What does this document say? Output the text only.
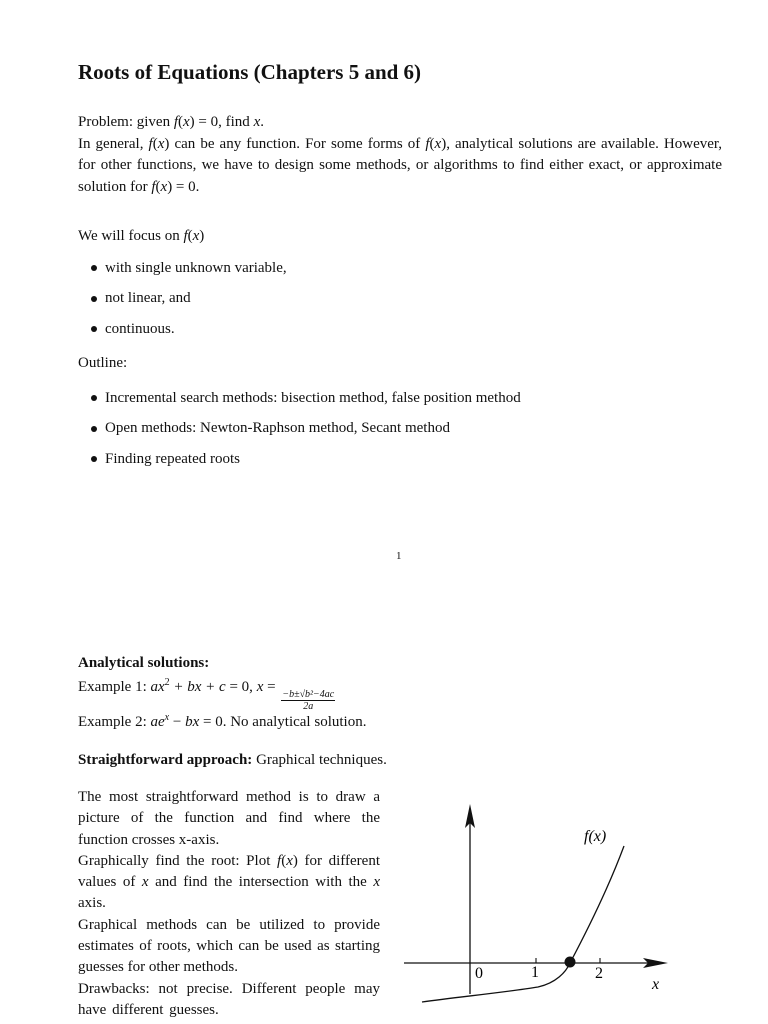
Roots of Equations (Chapters 5 and 6)

Problem: given f(x) = 0, find x.

In general, f(x) can be any function. For some forms of f(x), analytical solutions are available. However, for other functions, we have to design some methods, or algorithms to find either exact, or approximate solution for f(x) = 0.

We will focus on f(x)

with single unknown variable,
not linear, and
continuous.

Outline:

Incremental search methods: bisection method, false position method
Open methods: Newton-Raphson method, Secant method
Finding repeated roots
1

Analytical solutions:

Example 1: $ax^2$ + bx + c = 0, x =
$\frac{\text{−b±√b²−4ac}}{2a}$

Example 2: $ae^x$ − bx = 0. No analytical solution.

Straightforward approach: Graphical techniques.

The most straightforward method is to draw a picture of the function and find where the function crosses x-axis.

Graphically find the root: Plot f(x) for different values of x and find the intersection with the x axis.

Graphical methods can be utilized to provide estimates of roots, which can be used as starting guesses for other methods.

Drawbacks: not precise. Different people may have different guesses.

0	1	2
f(x)
x
